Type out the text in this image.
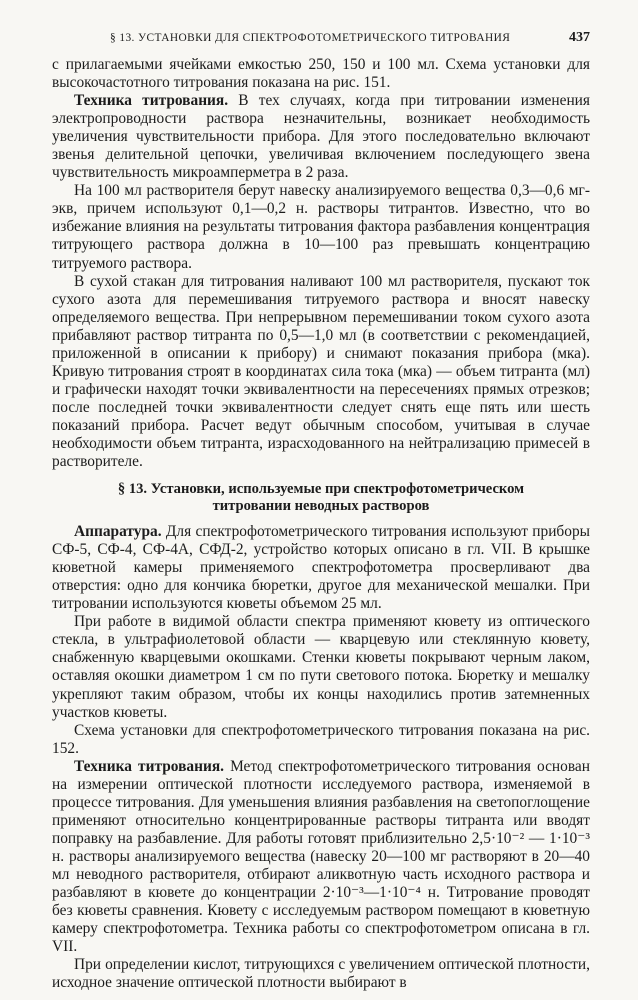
§ 13. УСТАНОВКИ ДЛЯ СПЕКТРОФОТОМЕТРИЧЕСКОГО ТИТРОВАНИЯ	437

с прилагаемыми ячейками емкостью 250, 150 и 100 мл. Схема установки для высокочастотного титрования показана на рис. 151.

Техника титрования. В тех случаях, когда при титровании изменения электропроводности раствора незначительны, возникает необходимость увеличения чувствительности прибора. Для этого последовательно включают звенья делительной цепочки, увеличивая включением последующего звена чувствительность микроамперметра в 2 раза.

На 100 мл растворителя берут навеску анализируемого вещества 0,3—0,6 мг-экв, причем используют 0,1—0,2 н. растворы титрантов. Известно, что во избежание влияния на результаты титрования фактора разбавления концентрация титрующего раствора должна в 10—100 раз превышать концентрацию титруемого раствора.

В сухой стакан для титрования наливают 100 мл растворителя, пускают ток сухого азота для перемешивания титруемого раствора и вносят навеску определяемого вещества. При непрерывном перемешивании током сухого азота прибавляют раствор титранта по 0,5—1,0 мл (в соответствии с рекомендацией, приложенной в описании к прибору) и снимают показания прибора (мка). Кривую титрования строят в координатах сила тока (мка) — объем титранта (мл) и графически находят точки эквивалентности на пересечениях прямых отрезков; после последней точки эквивалентности следует снять еще пять или шесть показаний прибора. Расчет ведут обычным способом, учитывая в случае необходимости объем титранта, израсходованного на нейтрализацию примесей в растворителе.

§ 13. Установки, используемые при спектрофотометрическом
титровании неводных растворов

Аппаратура. Для спектрофотометрического титрования используют приборы СФ-5, СФ-4, СФ-4А, СФД-2, устройство которых описано в гл. VII. В крышке кюветной камеры применяемого спектрофотометра просверливают два отверстия: одно для кончика бюретки, другое для механической мешалки. При титровании используются кюветы объемом 25 мл.

При работе в видимой области спектра применяют кювету из оптического стекла, в ультрафиолетовой области — кварцевую или стеклянную кювету, снабженную кварцевыми окошками. Стенки кюветы покрывают черным лаком, оставляя окошки диаметром 1 см по пути светового потока. Бюретку и мешалку укрепляют таким образом, чтобы их концы находились против затемненных участков кюветы.

Схема установки для спектрофотометрического титрования показана на рис. 152.

Техника титрования. Метод спектрофотометрического титрования основан на измерении оптической плотности исследуемого раствора, изменяемой в процессе титрования. Для уменьшения влияния разбавления на светопоглощение применяют относительно концентрированные растворы титранта или вводят поправку на разбавление. Для работы готовят приблизительно 2,5·10⁻² — 1·10⁻³ н. растворы анализируемого вещества (навеску 20—100 мг растворяют в 20—40 мл неводного растворителя, отбирают аликвотную часть исходного раствора и разбавляют в кювете до концентрации 2·10⁻³—1·10⁻⁴ н. Титрование проводят без кюветы сравнения. Кювету с исследуемым раствором помещают в кюветную камеру спектрофотометра. Техника работы со спектрофотометром описана в гл. VII.

При определении кислот, титрующихся с увеличением оптической плотности, исходное значение оптической плотности выбирают в
